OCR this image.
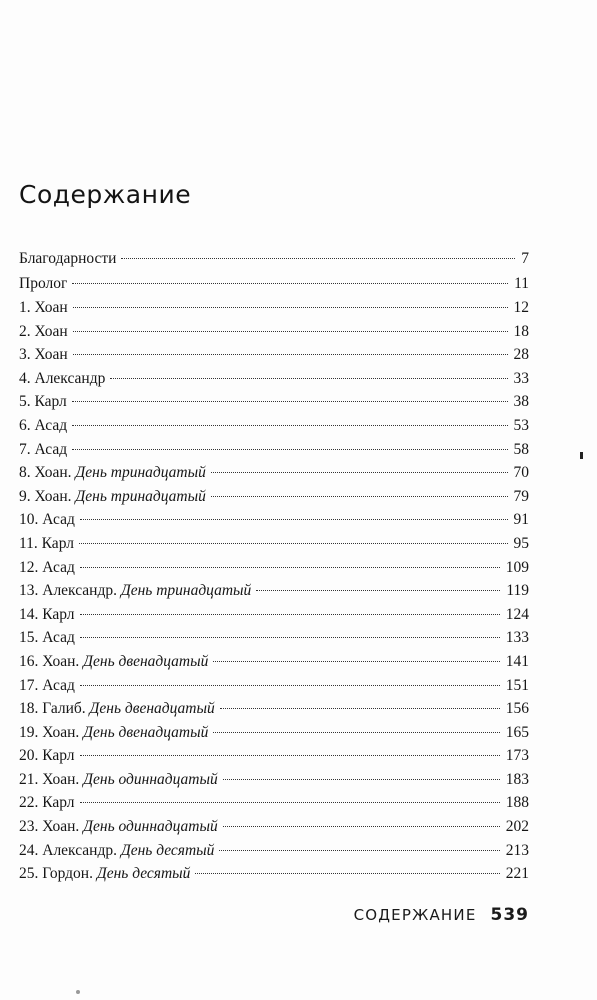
Содержание
Благодарности	7
Пролог	11
1. Хоан	12
2. Хоан	18
3. Хоан	28
4. Александр	33
5. Карл	38
6. Асад	53
7. Асад	58
8. Хоан. День тринадцатый	70
9. Хоан. День тринадцатый	79
10. Асад	91
11. Карл	95
12. Асад	109
13. Александр. День тринадцатый	119
14. Карл	124
15. Асад	133
16. Хоан. День двенадцатый	141
17. Асад	151
18. Галиб. День двенадцатый	156
19. Хоан. День двенадцатый	165
20. Карл	173
21. Хоан. День одиннадцатый	183
22. Карл	188
23. Хоан. День одиннадцатый	202
24. Александр. День десятый	213
25. Гордон. День десятый	221
СОДЕРЖАНИЕ 539
